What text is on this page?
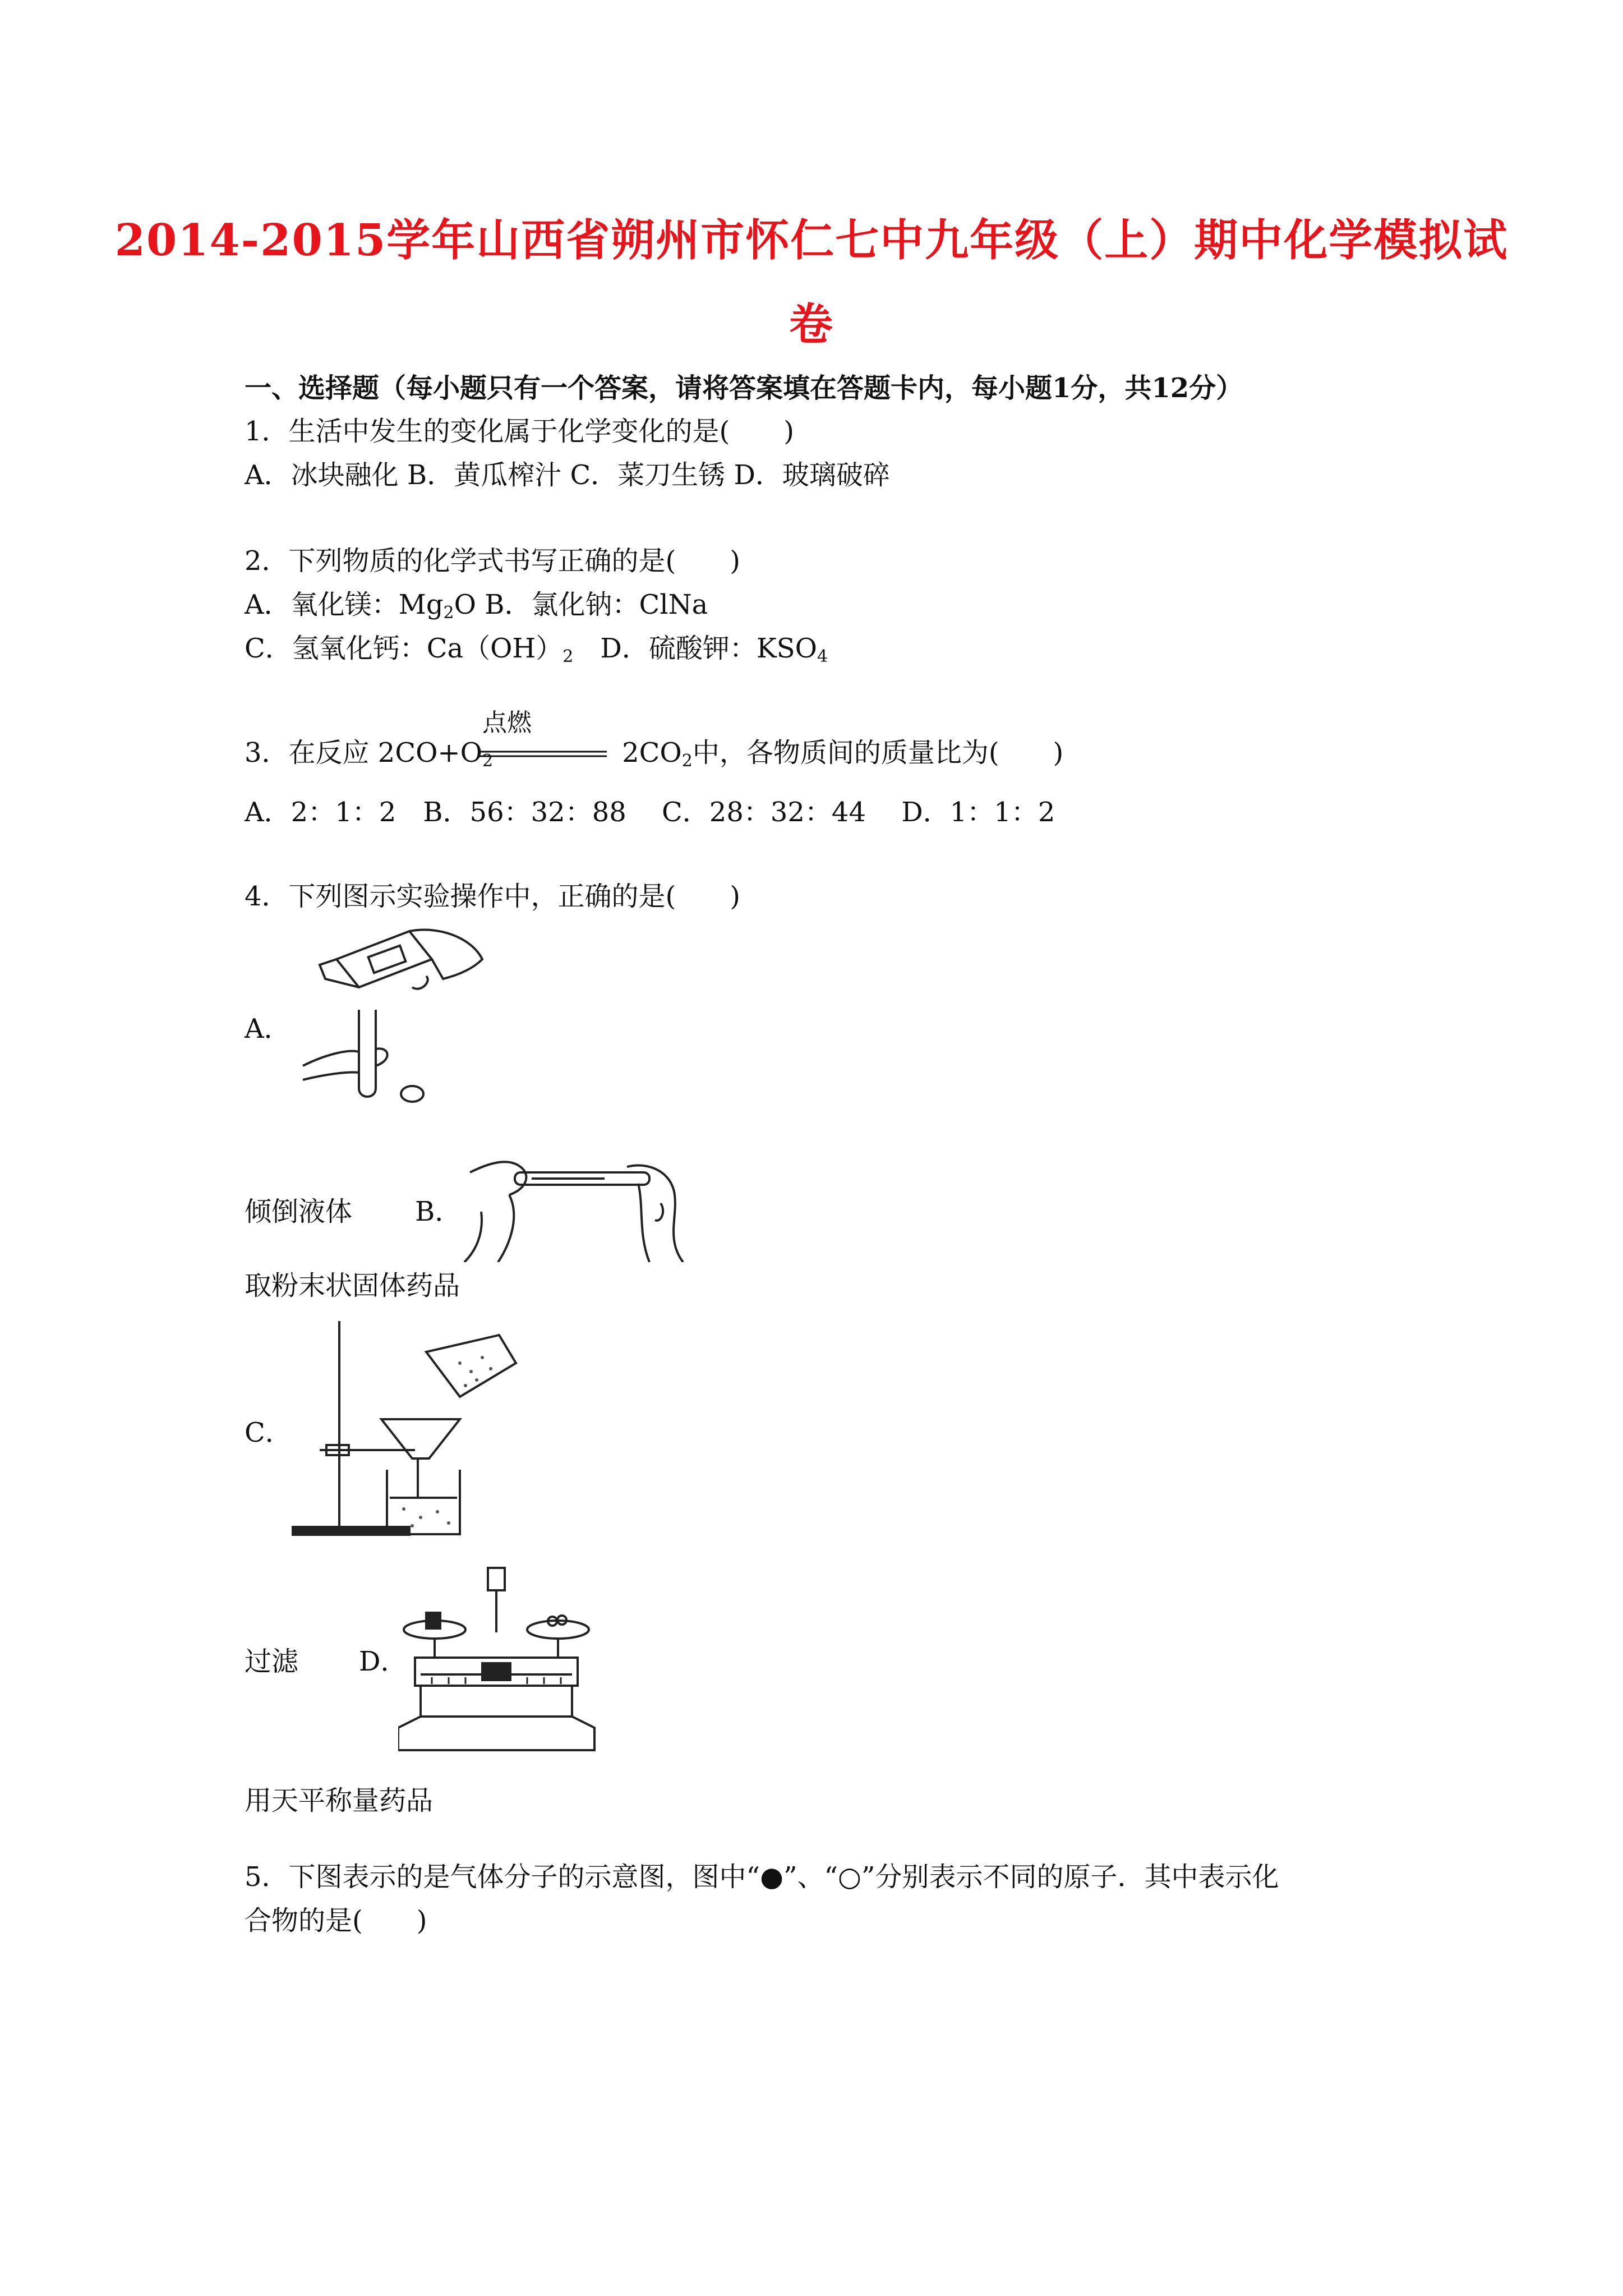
2014-2015学年山西省朔州市怀仁七中九年级（上）期中化学模拟试
卷
一、选择题（每小题只有一个答案，请将答案填在答题卡内，每小题1分，共12分）
1．生活中发生的变化属于化学变化的是(　　)
A．冰块融化 B．黄瓜榨汁 C．菜刀生锈 D．玻璃破碎
2．下列物质的化学式书写正确的是(　　)
A．氧化镁：$Mg_2O$ B．氯化钠：ClNa
C．氢氧化钙：$Ca(OH)_2$　D．硫酸钾：$KSO_4$
3．在反应 $2CO+O_2$	$2CO_2$中，各物质间的质量比为(　　)
点燃
A．2：1：2　B．56：32：88　 C．28：32：44　 D．1：1：2
4．下列图示实验操作中，正确的是(　　)
A．
倾倒液体 B．
取粉末状固体药品
C．
过滤 D．
用天平称量药品
5．下图表示的是气体分子的示意图，图中“●”、“○”分别表示不同的原子．其中表示化
合物的是(　　)
